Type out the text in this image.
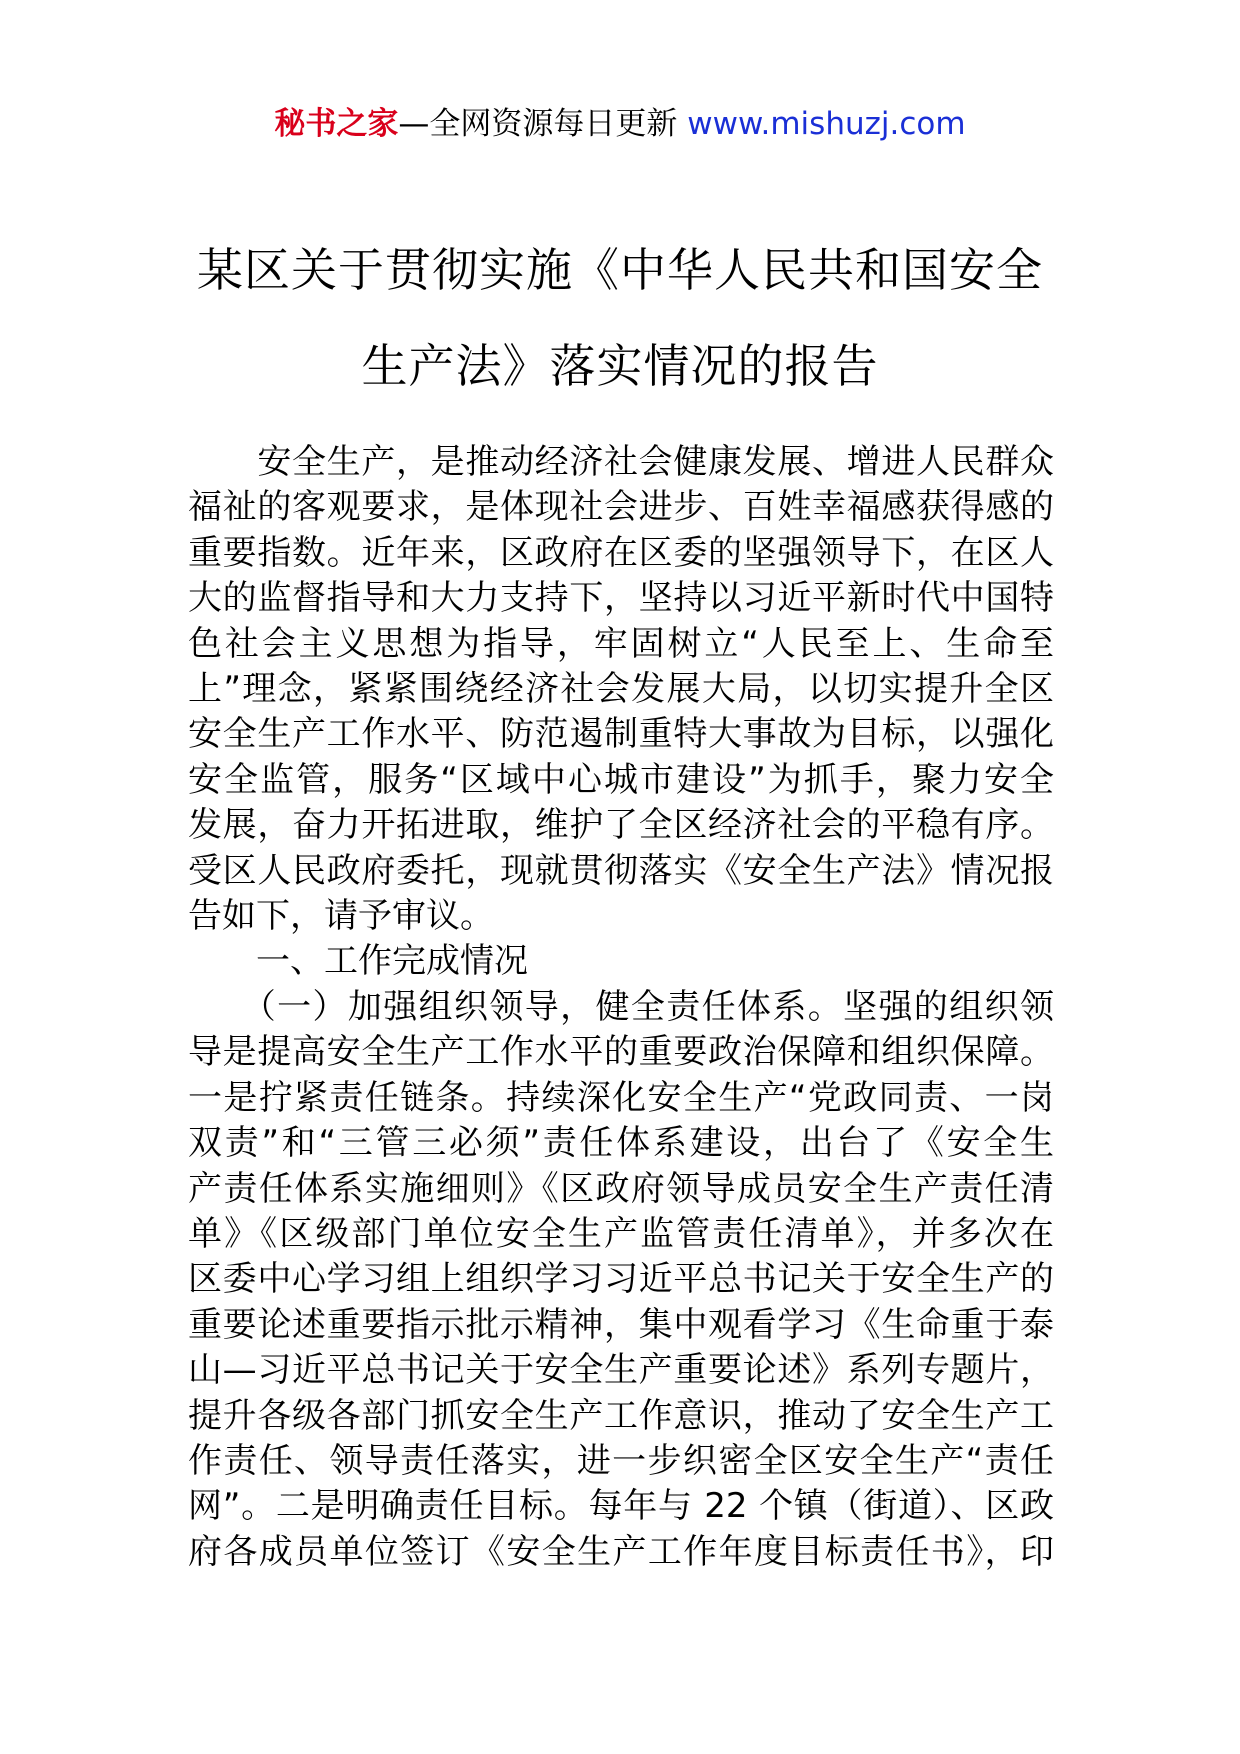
秘书之家—全网资源每日更新 www.mishuzj.com
某区关于贯彻实施《中华人民共和国安全
生产法》落实情况的报告
　　安全生产，是推动经济社会健康发展、增进人民群众
福祉的客观要求，是体现社会进步、百姓幸福感获得感的
重要指数。近年来，区政府在区委的坚强领导下，在区人
大的监督指导和大力支持下，坚持以习近平新时代中国特
色社会主义思想为指导，牢固树立“人民至上、生命至
上”理念，紧紧围绕经济社会发展大局，以切实提升全区
安全生产工作水平、防范遏制重特大事故为目标，以强化
安全监管，服务“区域中心城市建设”为抓手，聚力安全
发展，奋力开拓进取，维护了全区经济社会的平稳有序。
受区人民政府委托，现就贯彻落实《安全生产法》情况报
告如下，请予审议。
　　一、工作完成情况
　　（一）加强组织领导，健全责任体系。坚强的组织领
导是提高安全生产工作水平的重要政治保障和组织保障。
一是拧紧责任链条。持续深化安全生产“党政同责、一岗
双责”和“三管三必须”责任体系建设，出台了《安全生
产责任体系实施细则》《区政府领导成员安全生产责任清
单》《区级部门单位安全生产监管责任清单》，并多次在
区委中心学习组上组织学习习近平总书记关于安全生产的
重要论述重要指示批示精神，集中观看学习《生命重于泰
山—习近平总书记关于安全生产重要论述》系列专题片，
提升各级各部门抓安全生产工作意识，推动了安全生产工
作责任、领导责任落实，进一步织密全区安全生产“责任
网”。二是明确责任目标。每年与 22 个镇（街道）、区政
府各成员单位签订《安全生产工作年度目标责任书》，印
